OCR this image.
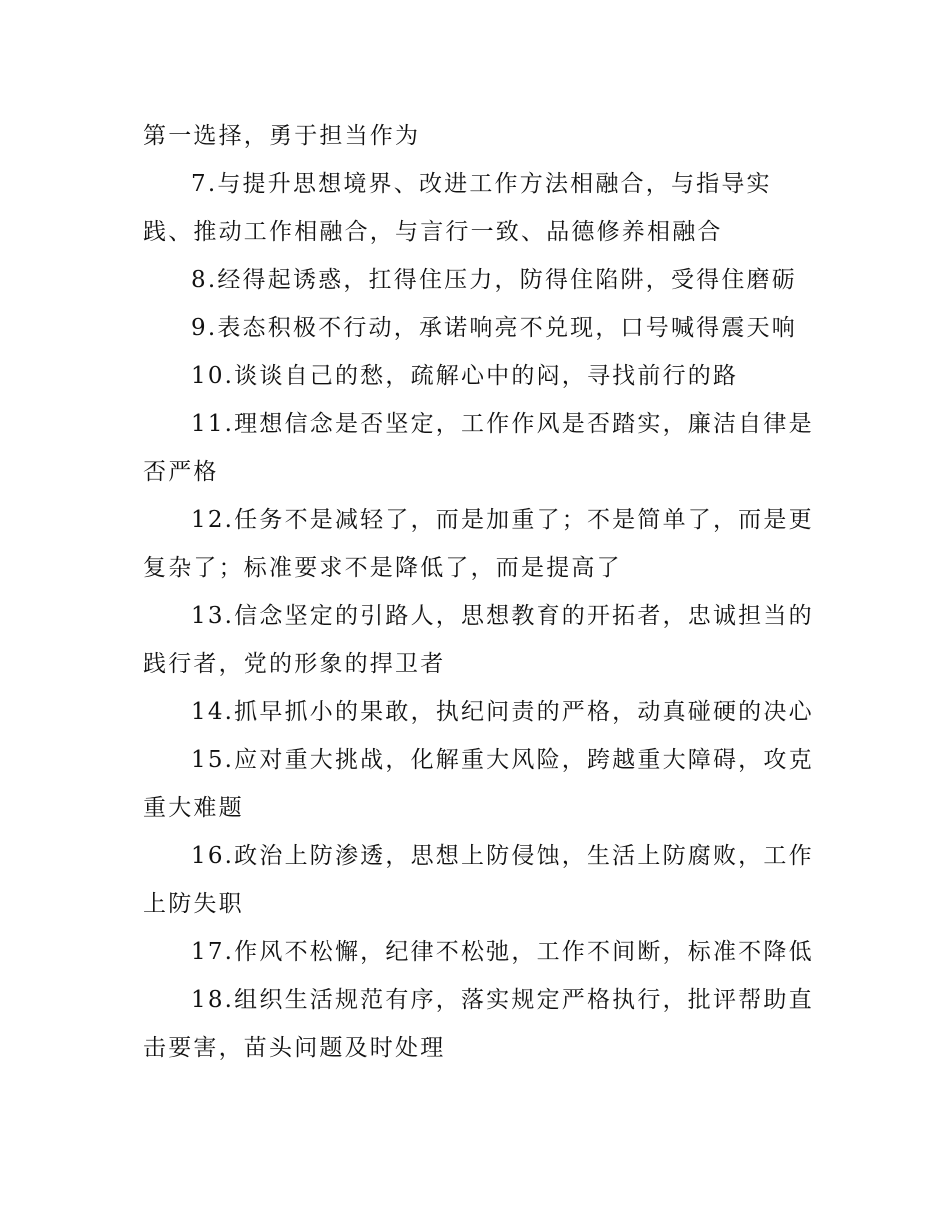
第一选择，勇于担当作为

7.与提升思想境界、改进工作方法相融合，与指导实践、推动工作相融合，与言行一致、品德修养相融合

8.经得起诱惑，扛得住压力，防得住陷阱，受得住磨砺

9.表态积极不行动，承诺响亮不兑现，口号喊得震天响

10.谈谈自己的愁，疏解心中的闷，寻找前行的路

11.理想信念是否坚定，工作作风是否踏实，廉洁自律是否严格

12.任务不是减轻了，而是加重了；不是简单了，而是更复杂了；标准要求不是降低了，而是提高了

13.信念坚定的引路人，思想教育的开拓者，忠诚担当的践行者，党的形象的捍卫者

14.抓早抓小的果敢，执纪问责的严格，动真碰硬的决心

15.应对重大挑战，化解重大风险，跨越重大障碍，攻克重大难题

16.政治上防渗透，思想上防侵蚀，生活上防腐败，工作上防失职

17.作风不松懈，纪律不松弛，工作不间断，标准不降低

18.组织生活规范有序，落实规定严格执行，批评帮助直击要害，苗头问题及时处理
